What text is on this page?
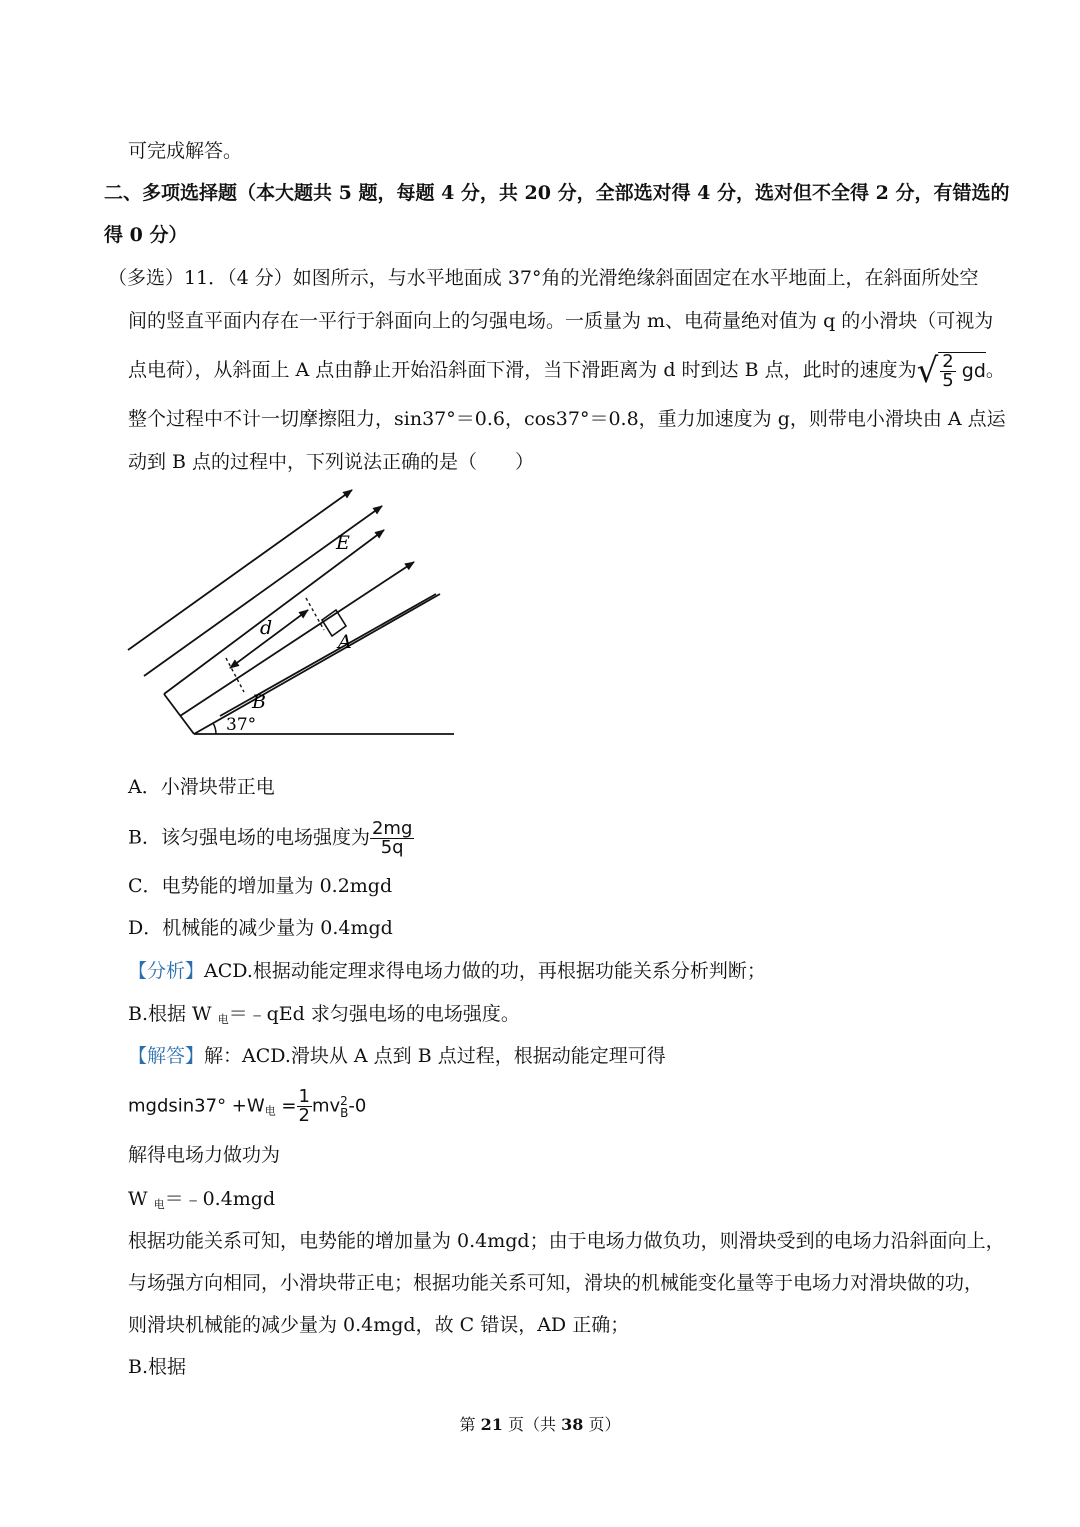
可完成解答。
二、多项选择题（本大题共 5 题，每题 4 分，共 20 分，全部选对得 4 分，选对但不全得 2 分，有错选的
得 0 分）
（多选）11．（4 分）如图所示，与水平地面成 37°角的光滑绝缘斜面固定在水平地面上，在斜面所处空
间的竖直平面内存在一平行于斜面向上的匀强电场。一质量为 m、电荷量绝对值为 q 的小滑块（可视为
点电荷），从斜面上 A 点由静止开始沿斜面下滑，当下滑距离为 d 时到达 B 点，此时的速度为√ $\frac{2}{5}$ gd。
整个过程中不计一切摩擦阻力，sin37°＝0.6，cos37°＝0.8，重力加速度为 g，则带电小滑块由 A 点运
动到 B 点的过程中，下列说法正确的是（　　）
E
d
A
B
37°
A．小滑块带正电
B．该匀强电场的电场强度为 $\frac{2mg}{5q}$
C．电势能的增加量为 0.2mgd
D．机械能的减少量为 0.4mgd
【分析】ACD.根据动能定理求得电场力做的功，再根据功能关系分析判断；
B.根据 W $_电$＝﹣qEd 求匀强电场的电场强度。
【解答】解：ACD.滑块从 A 点到 B 点过程，根据动能定理可得
$mgdsin37^\circ +W_电 = \frac{1}{2}$ mv 2
B -0
解得电场力做功为
W $_电$＝﹣0.4mgd
根据功能关系可知，电势能的增加量为 0.4mgd；由于电场力做负功，则滑块受到的电场力沿斜面向上，
与场强方向相同，小滑块带正电；根据功能关系可知，滑块的机械能变化量等于电场力对滑块做的功，
则滑块机械能的减少量为 0.4mgd，故 C 错误，AD 正确；
B.根据
第 21 页（共 38 页）
